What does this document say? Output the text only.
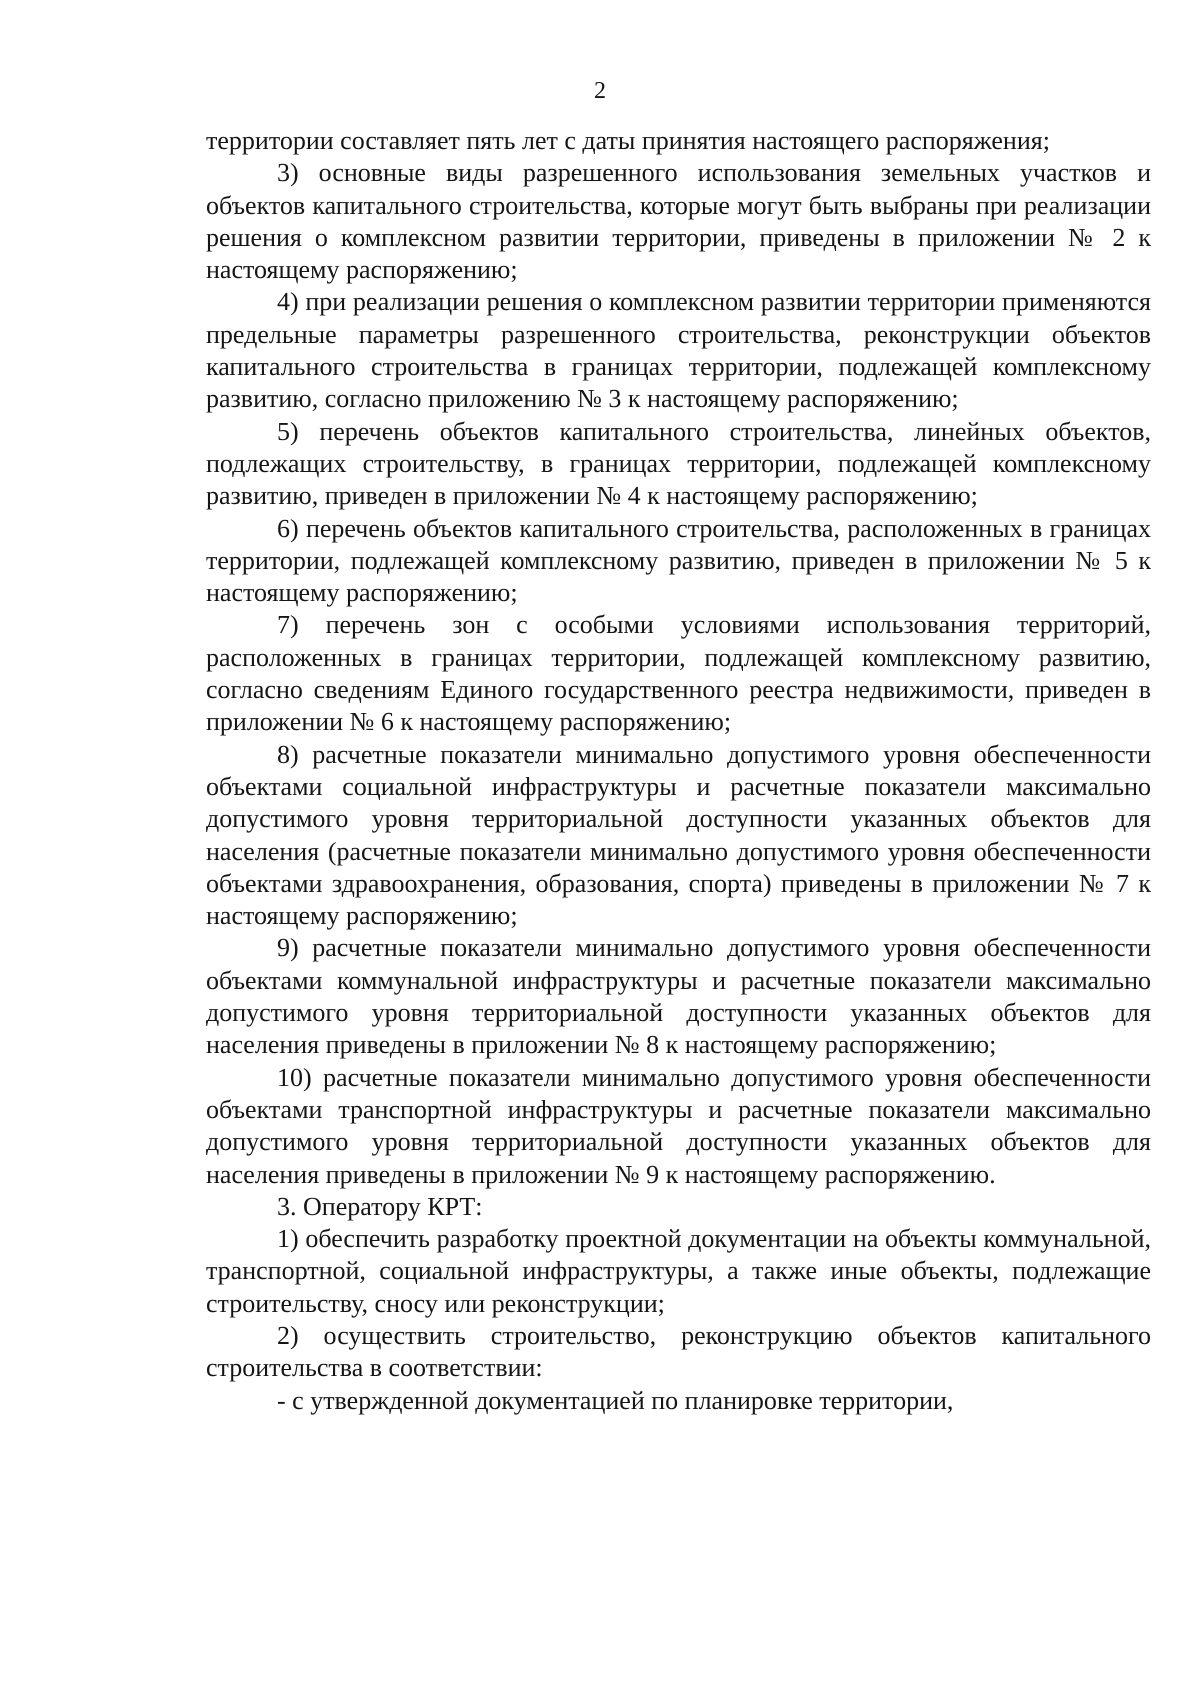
2

территории составляет пять лет с даты принятия настоящего распоряжения;

3) основные виды разрешенного использования земельных участков и объектов капитального строительства, которые могут быть выбраны при реализации решения о комплексном развитии территории, приведены в приложении № 2 к настоящему распоряжению;

4) при реализации решения о комплексном развитии территории применяются предельные параметры разрешенного строительства, реконструкции объектов капитального строительства в границах территории, подлежащей комплексному развитию, согласно приложению № 3 к настоящему распоряжению;

5) перечень объектов капитального строительства, линейных объектов, подлежащих строительству, в границах территории, подлежащей комплексному развитию, приведен в приложении № 4 к настоящему распоряжению;

6) перечень объектов капитального строительства, расположенных в границах территории, подлежащей комплексному развитию, приведен в приложении № 5 к настоящему распоряжению;

7) перечень зон с особыми условиями использования территорий, расположенных в границах территории, подлежащей комплексному развитию, согласно сведениям Единого государственного реестра недвижимости, приведен в приложении № 6 к настоящему распоряжению;

8) расчетные показатели минимально допустимого уровня обеспеченности объектами социальной инфраструктуры и расчетные показатели максимально допустимого уровня территориальной доступности указанных объектов для населения (расчетные показатели минимально допустимого уровня обеспеченности объектами здравоохранения, образования, спорта) приведены в приложении № 7 к настоящему распоряжению;

9) расчетные показатели минимально допустимого уровня обеспеченности объектами коммунальной инфраструктуры и расчетные показатели максимально допустимого уровня территориальной доступности указанных объектов для населения приведены в приложении № 8 к настоящему распоряжению;

10) расчетные показатели минимально допустимого уровня обеспеченности объектами транспортной инфраструктуры и расчетные показатели максимально допустимого уровня территориальной доступности указанных объектов для населения приведены в приложении № 9 к настоящему распоряжению.

3. Оператору КРТ:

1) обеспечить разработку проектной документации на объекты коммунальной, транспортной, социальной инфраструктуры, а также иные объекты, подлежащие строительству, сносу или реконструкции;

2) осуществить строительство, реконструкцию объектов капитального строительства в соответствии:

- с утвержденной документацией по планировке территории,
